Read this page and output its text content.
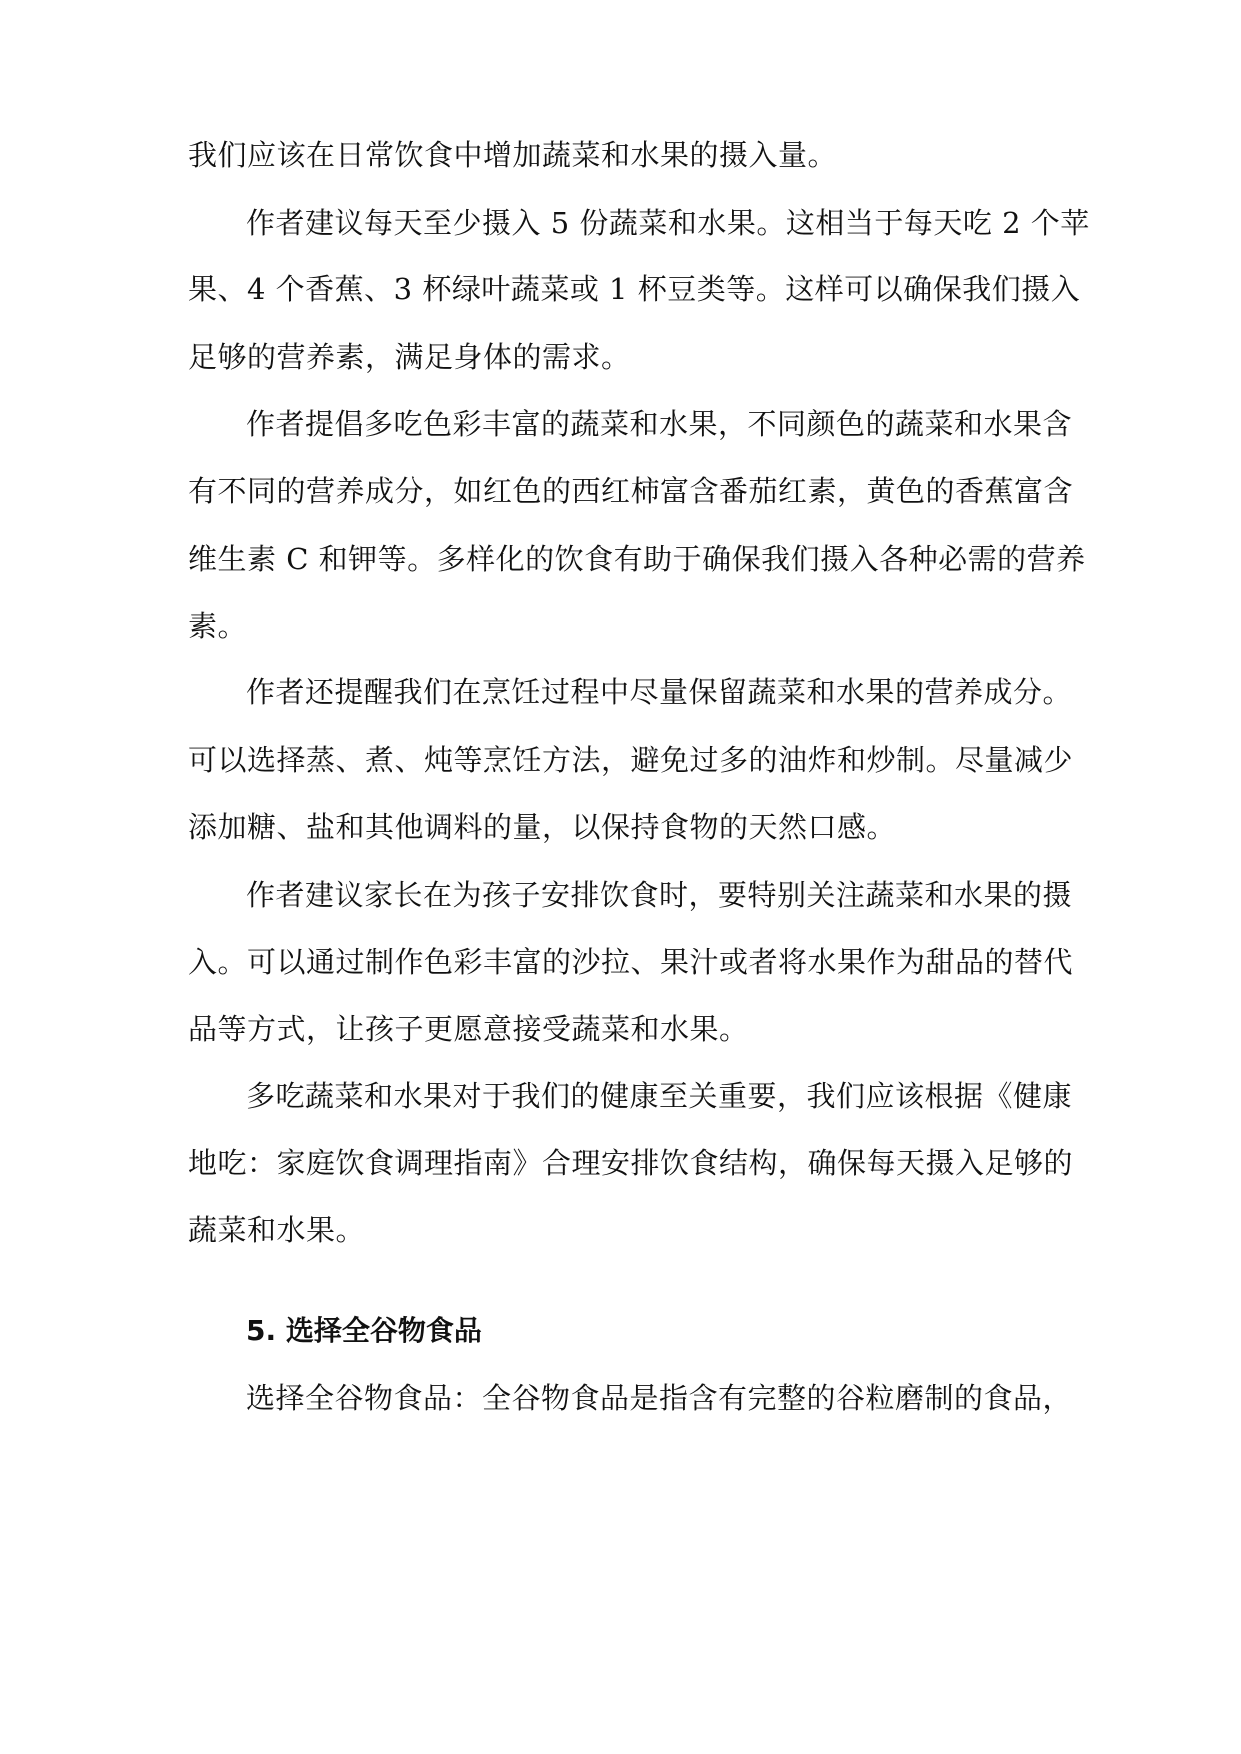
我们应该在日常饮食中增加蔬菜和水果的摄入量。
作者建议每天至少摄入 5 份蔬菜和水果。这相当于每天吃 2 个苹
果、4 个香蕉、3 杯绿叶蔬菜或 1 杯豆类等。这样可以确保我们摄入
足够的营养素，满足身体的需求。
作者提倡多吃色彩丰富的蔬菜和水果，不同颜色的蔬菜和水果含
有不同的营养成分，如红色的西红柿富含番茄红素，黄色的香蕉富含
维生素 C 和钾等。多样化的饮食有助于确保我们摄入各种必需的营养
素。
作者还提醒我们在烹饪过程中尽量保留蔬菜和水果的营养成分。
可以选择蒸、煮、炖等烹饪方法，避免过多的油炸和炒制。尽量减少
添加糖、盐和其他调料的量，以保持食物的天然口感。
作者建议家长在为孩子安排饮食时，要特别关注蔬菜和水果的摄
入。可以通过制作色彩丰富的沙拉、果汁或者将水果作为甜品的替代
品等方式，让孩子更愿意接受蔬菜和水果。
多吃蔬菜和水果对于我们的健康至关重要，我们应该根据《健康
地吃：家庭饮食调理指南》合理安排饮食结构，确保每天摄入足够的
蔬菜和水果。
5. 选择全谷物食品
选择全谷物食品：全谷物食品是指含有完整的谷粒磨制的食品，
